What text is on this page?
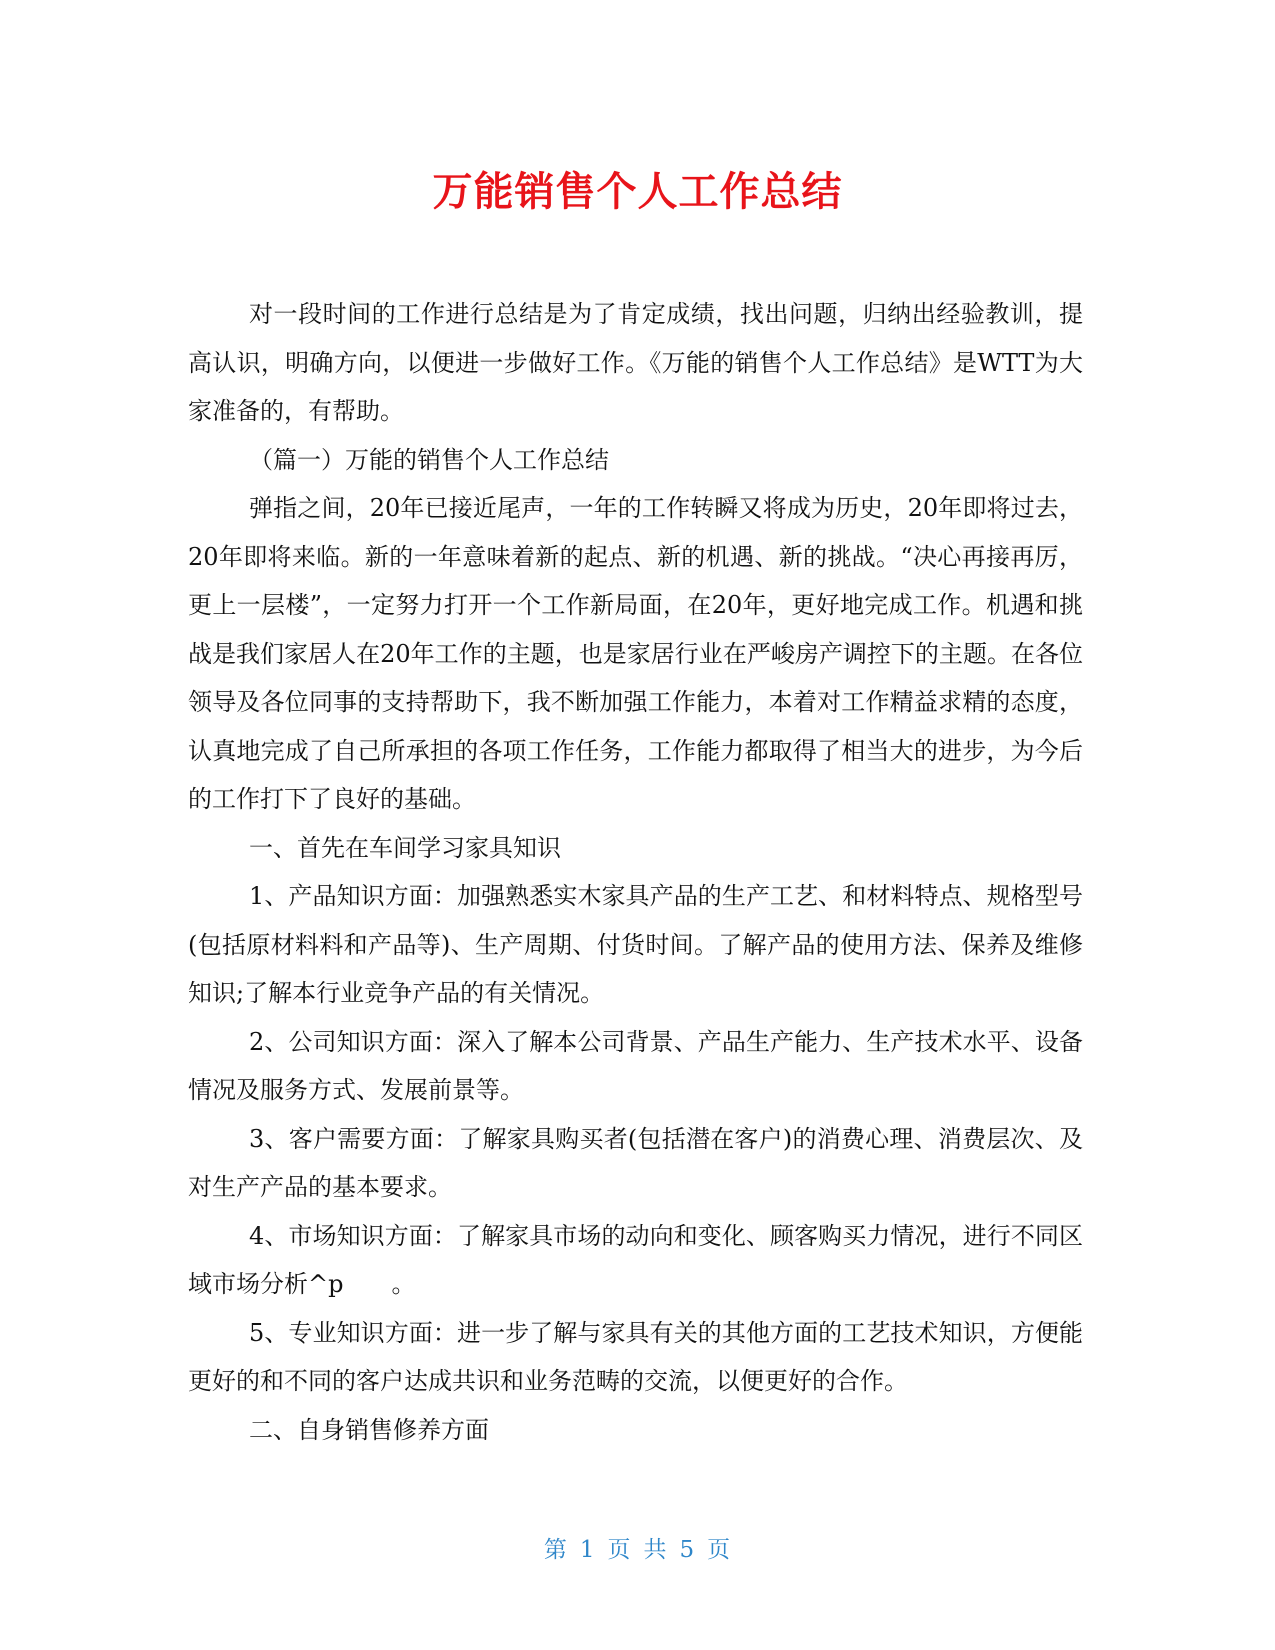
万能销售个人工作总结

对一段时间的工作进行总结是为了肯定成绩，找出问题，归纳出经验教训，提高认识，明确方向，以便进一步做好工作。《万能的销售个人工作总结》是WTT为大家准备的，有帮助。

（篇一）万能的销售个人工作总结

弹指之间，20年已接近尾声，一年的工作转瞬又将成为历史，20年即将过去，20年即将来临。新的一年意味着新的起点、新的机遇、新的挑战。“决心再接再厉，更上一层楼”，一定努力打开一个工作新局面，在20年，更好地完成工作。机遇和挑战是我们家居人在20年工作的主题，也是家居行业在严峻房产调控下的主题。在各位领导及各位同事的支持帮助下，我不断加强工作能力，本着对工作精益求精的态度，认真地完成了自己所承担的各项工作任务，工作能力都取得了相当大的进步，为今后的工作打下了良好的基础。

一、首先在车间学习家具知识

1、产品知识方面：加强熟悉实木家具产品的生产工艺、和材料特点、规格型号(包括原材料料和产品等)、生产周期、付货时间。了解产品的使用方法、保养及维修知识;了解本行业竞争产品的有关情况。

2、公司知识方面：深入了解本公司背景、产品生产能力、生产技术水平、设备情况及服务方式、发展前景等。

3、客户需要方面：了解家具购买者(包括潜在客户)的消费心理、消费层次、及对生产产品的基本要求。

4、市场知识方面：了解家具市场的动向和变化、顾客购买力情况，进行不同区域市场分析^p　　。

5、专业知识方面：进一步了解与家具有关的其他方面的工艺技术知识，方便能更好的和不同的客户达成共识和业务范畴的交流，以便更好的合作。

二、自身销售修养方面

第 1 页 共 5 页
